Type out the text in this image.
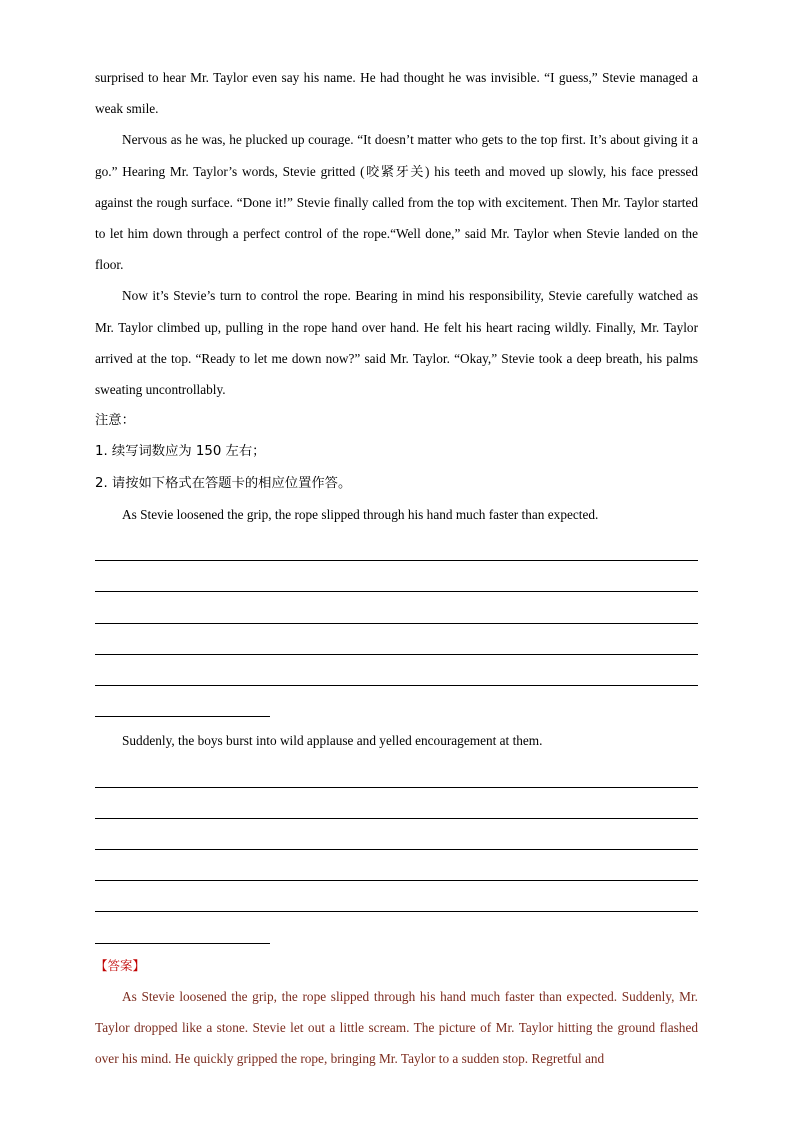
surprised to hear Mr. Taylor even say his name. He had thought he was invisible. “I guess,” Stevie managed a weak smile.

Nervous as he was, he plucked up courage. “It doesn’t matter who gets to the top first. It’s about giving it a go.” Hearing Mr. Taylor’s words, Stevie gritted (咬紧牙关) his teeth and moved up slowly, his face pressed against the rough surface. “Done it!” Stevie finally called from the top with excitement. Then Mr. Taylor started to let him down through a perfect control of the rope.“Well done,” said Mr. Taylor when Stevie landed on the floor.

Now it’s Stevie’s turn to control the rope. Bearing in mind his responsibility, Stevie carefully watched as Mr. Taylor climbed up, pulling in the rope hand over hand. He felt his heart racing wildly. Finally, Mr. Taylor arrived at the top. “Ready to let me down now?” said Mr. Taylor. “Okay,” Stevie took a deep breath, his palms sweating uncontrollably.

注意：

1. 续写词数应为 150 左右；

2. 请按如下格式在答题卡的相应位置作答。

As Stevie loosened the grip, the rope slipped through his hand much faster than expected.

Suddenly, the boys burst into wild applause and yelled encouragement at them.

【答案】

As Stevie loosened the grip, the rope slipped through his hand much faster than expected. Suddenly, Mr. Taylor dropped like a stone. Stevie let out a little scream. The picture of Mr. Taylor hitting the ground flashed over his mind. He quickly gripped the rope, bringing Mr. Taylor to a sudden stop. Regretful and
